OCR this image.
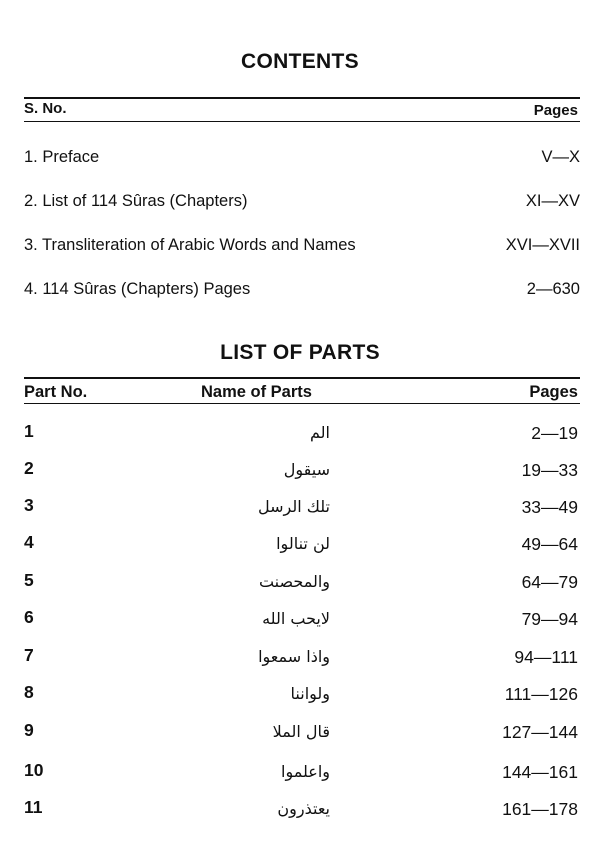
CONTENTS
S. No.	Pages
1. Preface	V—X
2. List of 114 Sûras (Chapters)	XI—XV
3. Transliteration of Arabic Words and Names	XVI—XVII
4. 114 Sûras (Chapters) Pages	2—630
LIST OF PARTS
Part No.	Name of Parts	Pages
1	الم	2—19
2	سيقول	19—33
3	تلك الرسل	33—49
4	لن تنالوا	49—64
5	والمحصنت	64—79
6	لايحب الله	79—94
7	واذا سمعوا	94—111
8	ولواننا	111—126
9	قال الملا	127—144
10	واعلموا	144—161
11	يعتذرون	161—178
